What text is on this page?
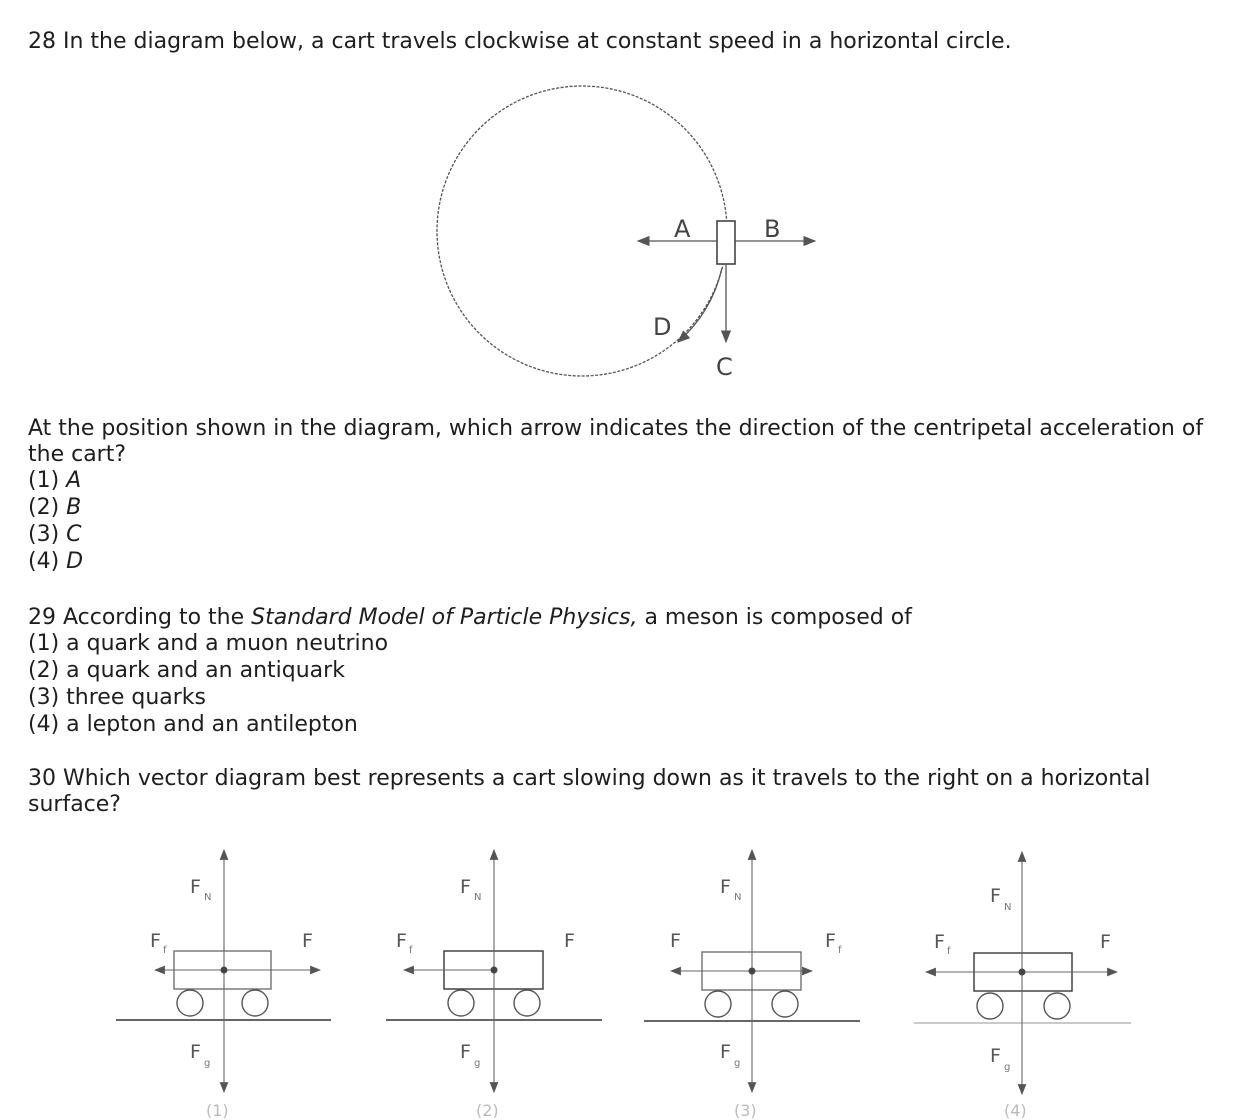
28 In the diagram below, a cart travels clockwise at constant speed in a horizontal circle.
A	B
C
D
F N
F
g
F f	F
(1)
F N
F
g
F f	F
(2)
F N
F
g
F	F f
(3)
F
N
F
g
F f	F
(4)
At the position shown in the diagram, which arrow indicates the direction of the centripetal acceleration of
the cart?
(1) A
(2) B
(3) C
(4) D
29 According to the Standard Model of Particle Physics, a meson is composed of
(1) a quark and a muon neutrino
(2) a quark and an antiquark
(3) three quarks
(4) a lepton and an antilepton
30 Which vector diagram best represents a cart slowing down as it travels to the right on a horizontal
surface?
